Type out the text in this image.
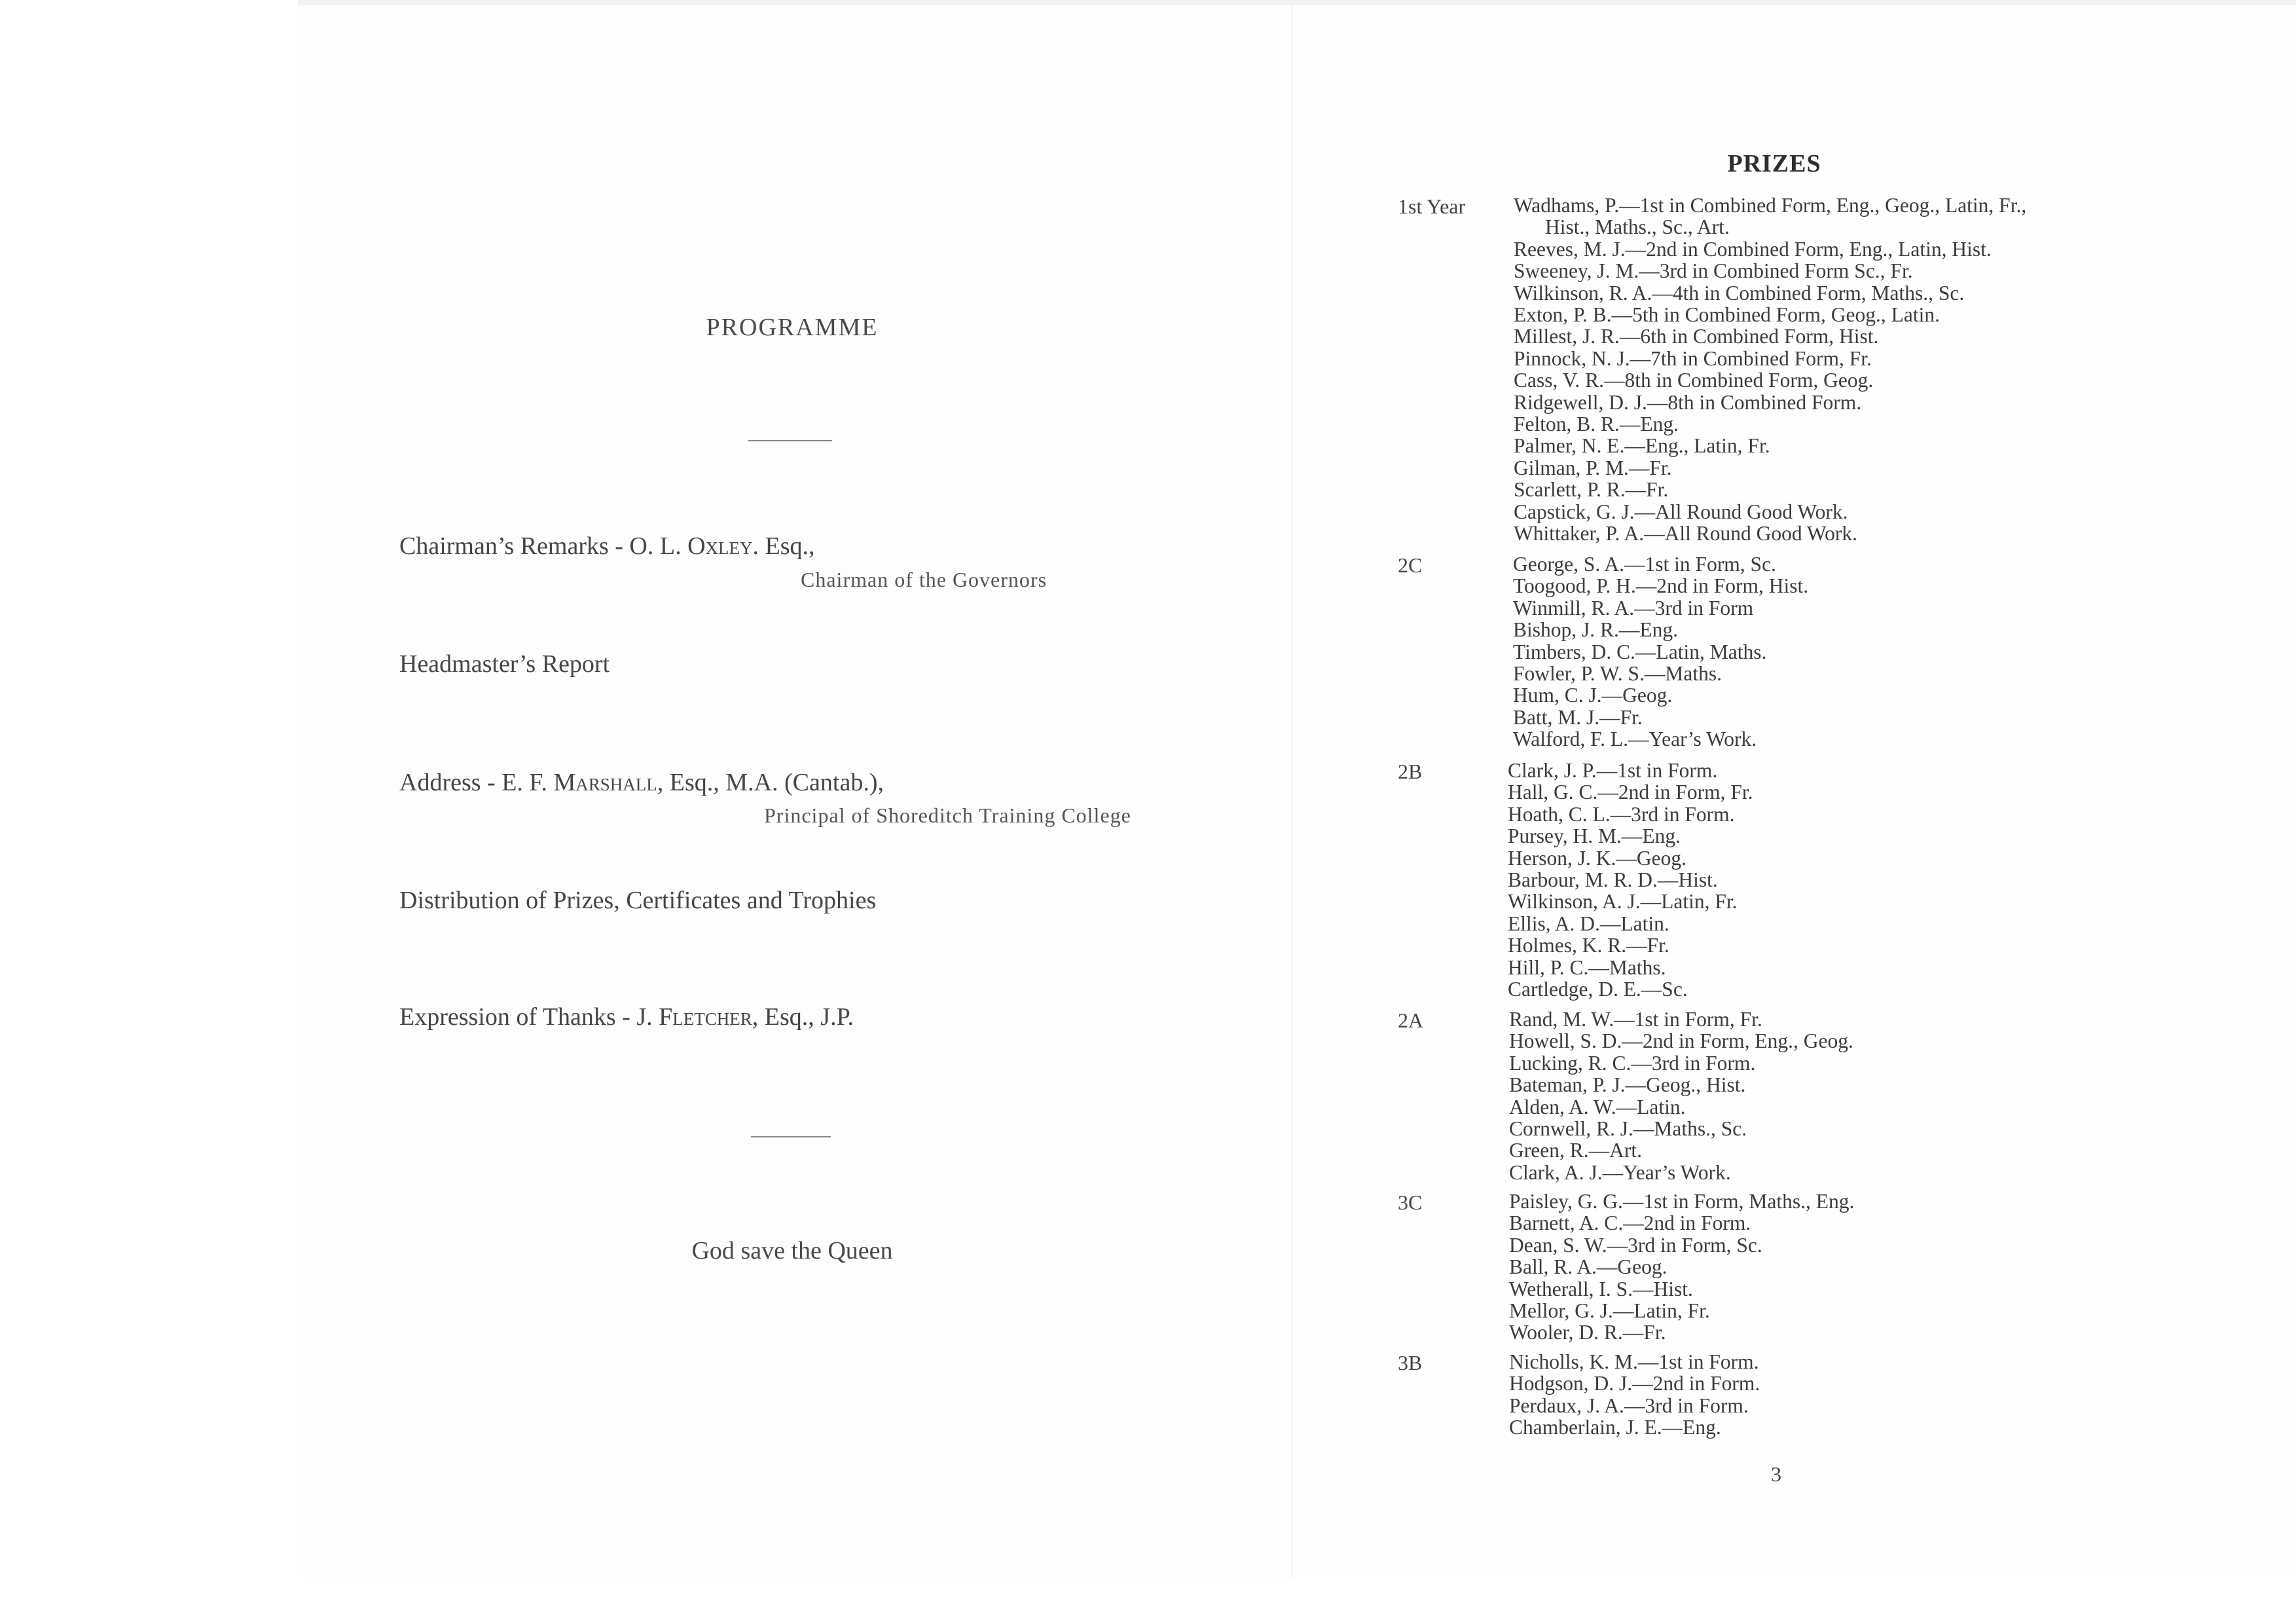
PROGRAMME
Chairman’s Remarks - O. L. Oxley. Esq.,
Chairman of the Governors
Headmaster’s Report
Address - E. F. Marshall, Esq., M.A. (Cantab.),
Principal of Shoreditch Training College
Distribution of Prizes, Certificates and Trophies
Expression of Thanks - J. Fletcher, Esq., J.P.
God save the Queen
PRIZES
1st Year Wadhams, P.—1st in Combined Form, Eng., Geog., Latin, Fr.,

Hist., Maths., Sc., Art.

Reeves, M. J.—2nd in Combined Form, Eng., Latin, Hist.

Sweeney, J. M.—3rd in Combined Form Sc., Fr.

Wilkinson, R. A.—4th in Combined Form, Maths., Sc.

Exton, P. B.—5th in Combined Form, Geog., Latin.

Millest, J. R.—6th in Combined Form, Hist.

Pinnock, N. J.—7th in Combined Form, Fr.

Cass, V. R.—8th in Combined Form, Geog.

Ridgewell, D. J.—8th in Combined Form.

Felton, B. R.—Eng.

Palmer, N. E.—Eng., Latin, Fr.

Gilman, P. M.—Fr.

Scarlett, P. R.—Fr.

Capstick, G. J.—All Round Good Work.

Whittaker, P. A.—All Round Good Work.

2C	George, S. A.—1st in Form, Sc.

Toogood, P. H.—2nd in Form, Hist.

Winmill, R. A.—3rd in Form

Bishop, J. R.—Eng.

Timbers, D. C.—Latin, Maths.

Fowler, P. W. S.—Maths.

Hum, C. J.—Geog.

Batt, M. J.—Fr.

Walford, F. L.—Year’s Work.

2B	Clark, J. P.—1st in Form.

Hall, G. C.—2nd in Form, Fr.

Hoath, C. L.—3rd in Form.

Pursey, H. M.—Eng.

Herson, J. K.—Geog.

Barbour, M. R. D.—Hist.

Wilkinson, A. J.—Latin, Fr.

Ellis, A. D.—Latin.

Holmes, K. R.—Fr.

Hill, P. C.—Maths.

Cartledge, D. E.—Sc.

2A	Rand, M. W.—1st in Form, Fr.

Howell, S. D.—2nd in Form, Eng., Geog.

Lucking, R. C.—3rd in Form.

Bateman, P. J.—Geog., Hist.

Alden, A. W.—Latin.

Cornwell, R. J.—Maths., Sc.

Green, R.—Art.

Clark, A. J.—Year’s Work.

3C	Paisley, G. G.—1st in Form, Maths., Eng.

Barnett, A. C.—2nd in Form.

Dean, S. W.—3rd in Form, Sc.

Ball, R. A.—Geog.

Wetherall, I. S.—Hist.

Mellor, G. J.—Latin, Fr.

Wooler, D. R.—Fr.

3B	Nicholls, K. M.—1st in Form.

Hodgson, D. J.—2nd in Form.

Perdaux, J. A.—3rd in Form.

Chamberlain, J. E.—Eng.

3
